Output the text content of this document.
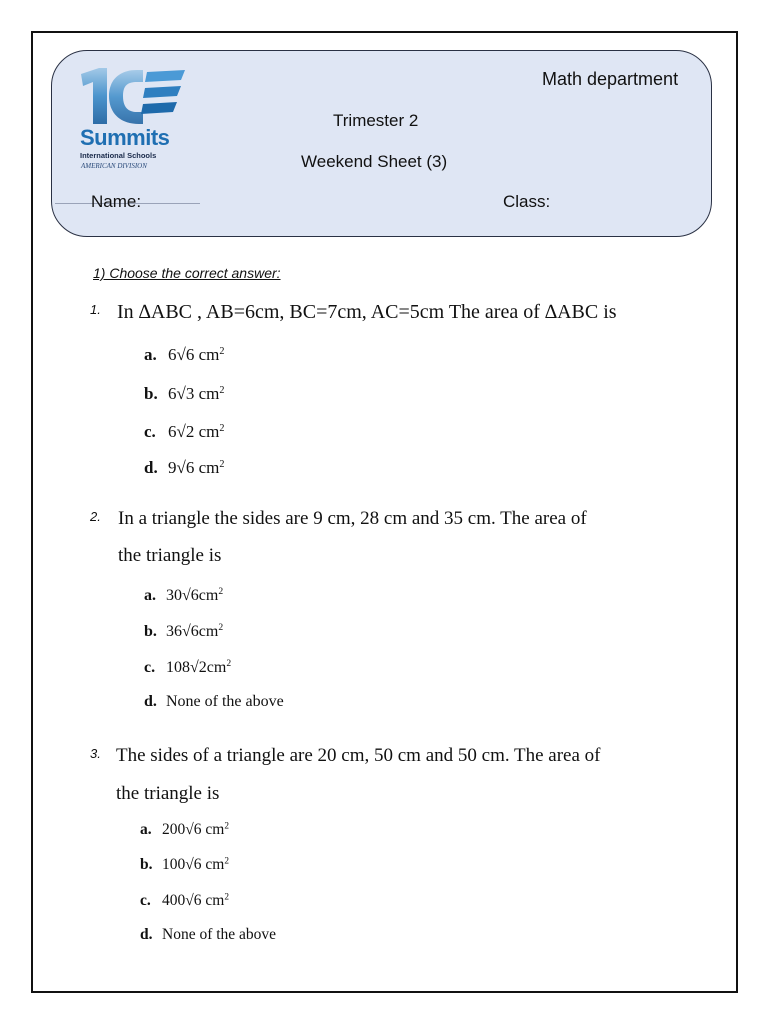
Summits
International Schools
AMERICAN DIVISION
Math department
Trimester 2
Weekend Sheet (3)
Name:	Class:
1) Choose the correct answer:
1. In ∆ABC , AB=6cm, BC=7cm, AC=5cm The area of ∆ABC is
a. 6√6 $cm^2$
b. 6√3 $cm^2$
c. 6√2 $cm^2$
d. 9√6 $cm^2$
2. In a triangle the sides are 9 cm, 28 cm and 35 cm. The area of
the triangle is
a. $30√6cm^2$
b. $36√6cm^2$
c. $108√2cm^2$
d. None of the above
3. The sides of a triangle are 20 cm, 50 cm and 50 cm. The area of
the triangle is
a. 200√6 $cm^2$
b. 100√6 $cm^2$
c. 400√6 $cm^2$
d. None of the above
